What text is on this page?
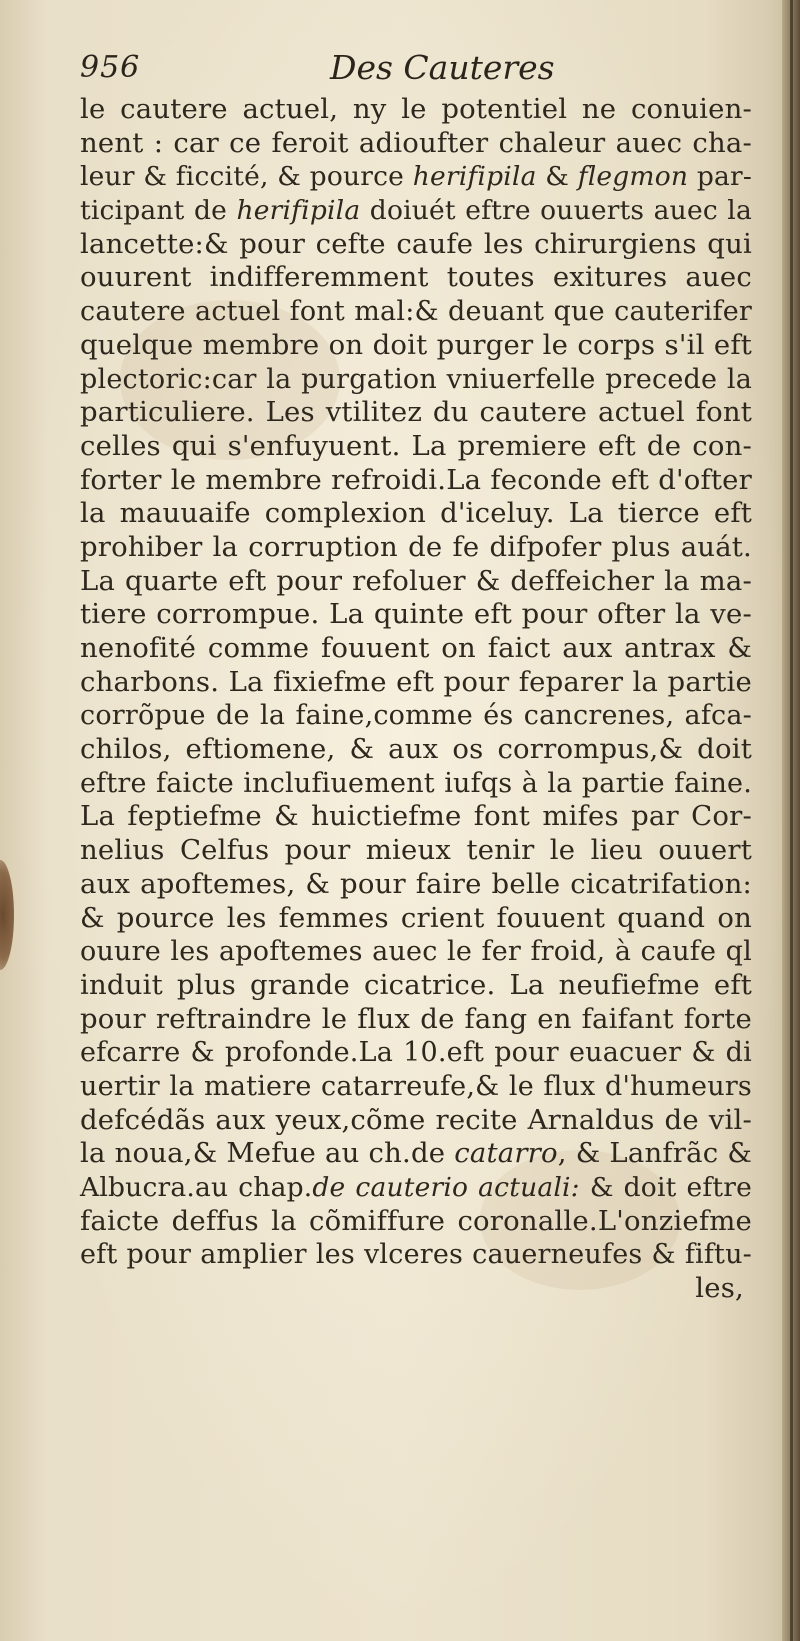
956	Des Cauteres
le cautere actuel, ny le potentiel ne conuien-
nent : car ce feroit adioufter chaleur auec cha-
leur & ficcité, & pource herifipila & flegmon par-
ticipant de herifipila doiuét eftre ouuerts auec la
lancette:& pour cefte caufe les chirurgiens qui
ouurent indifferemment toutes exitures auec
cautere actuel font mal:& deuant que cauterifer
quelque membre on doit purger le corps s'il eft
plectoric:car la purgation vniuerfelle precede la
particuliere. Les vtilitez du cautere actuel font
celles qui s'enfuyuent. La premiere eft de con-
forter le membre refroidi.La feconde eft d'ofter
la mauuaife complexion d'iceluy. La tierce eft
prohiber la corruption de fe difpofer plus auát.
La quarte eft pour refoluer & deffeicher la ma-
tiere corrompue. La quinte eft pour ofter la ve-
nenofité comme fouuent on faict aux antrax &
charbons. La fixiefme eft pour feparer la partie
corrõpue de la faine,comme és cancrenes, afca-
chilos, eftiomene, & aux os corrompus,& doit
eftre faicte inclufiuement iufqs à la partie faine.
La feptiefme & huictiefme font mifes par Cor-
nelius Celfus pour mieux tenir le lieu ouuert
aux apoftemes, & pour faire belle cicatrifation:
& pource les femmes crient fouuent quand on
ouure les apoftemes auec le fer froid, à caufe ql
induit plus grande cicatrice. La neufiefme eft
pour reftraindre le flux de fang en faifant forte
efcarre & profonde.La 10.eft pour euacuer & di
uertir la matiere catarreufe,& le flux d'humeurs
defcédãs aux yeux,cõme recite Arnaldus de vil-
la noua,& Mefue au ch.de catarro, & Lanfrãc &
Albucra.au chap.de cauterio actuali: & doit eftre
faicte deffus la cõmiffure coronalle.L'onziefme
eft pour amplier les vlceres cauerneufes & fiftu-
les,
